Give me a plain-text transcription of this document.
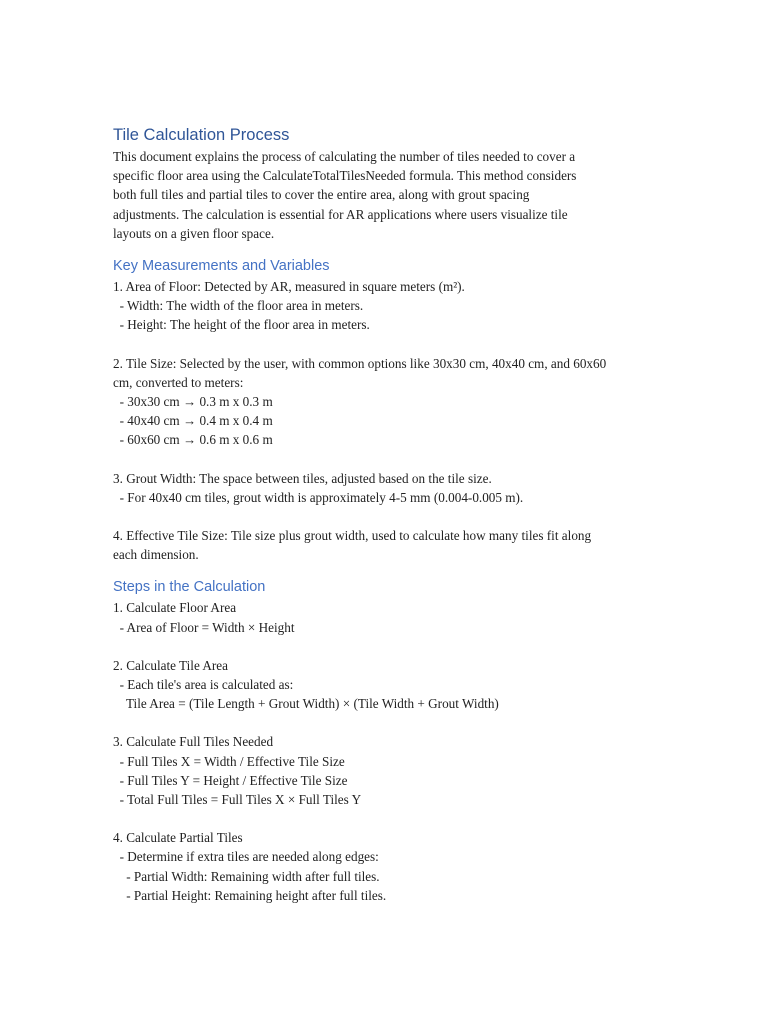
Tile Calculation Process
This document explains the process of calculating the number of tiles needed to cover a
specific floor area using the CalculateTotalTilesNeeded formula. This method considers
both full tiles and partial tiles to cover the entire area, along with grout spacing
adjustments. The calculation is essential for AR applications where users visualize tile
layouts on a given floor space.
Key Measurements and Variables
1. Area of Floor: Detected by AR, measured in square meters (m²).
- Width: The width of the floor area in meters.
- Height: The height of the floor area in meters.
2. Tile Size: Selected by the user, with common options like 30x30 cm, 40x40 cm, and 60x60
cm, converted to meters:
- 30x30 cm → 0.3 m x 0.3 m
- 40x40 cm → 0.4 m x 0.4 m
- 60x60 cm → 0.6 m x 0.6 m
3. Grout Width: The space between tiles, adjusted based on the tile size.
- For 40x40 cm tiles, grout width is approximately 4-5 mm (0.004-0.005 m).
4. Effective Tile Size: Tile size plus grout width, used to calculate how many tiles fit along
each dimension.
Steps in the Calculation
1. Calculate Floor Area
- Area of Floor = Width × Height
2. Calculate Tile Area
- Each tile's area is calculated as:
Tile Area = (Tile Length + Grout Width) × (Tile Width + Grout Width)
3. Calculate Full Tiles Needed
- Full Tiles X = Width / Effective Tile Size
- Full Tiles Y = Height / Effective Tile Size
- Total Full Tiles = Full Tiles X × Full Tiles Y
4. Calculate Partial Tiles
- Determine if extra tiles are needed along edges:
- Partial Width: Remaining width after full tiles.
- Partial Height: Remaining height after full tiles.
